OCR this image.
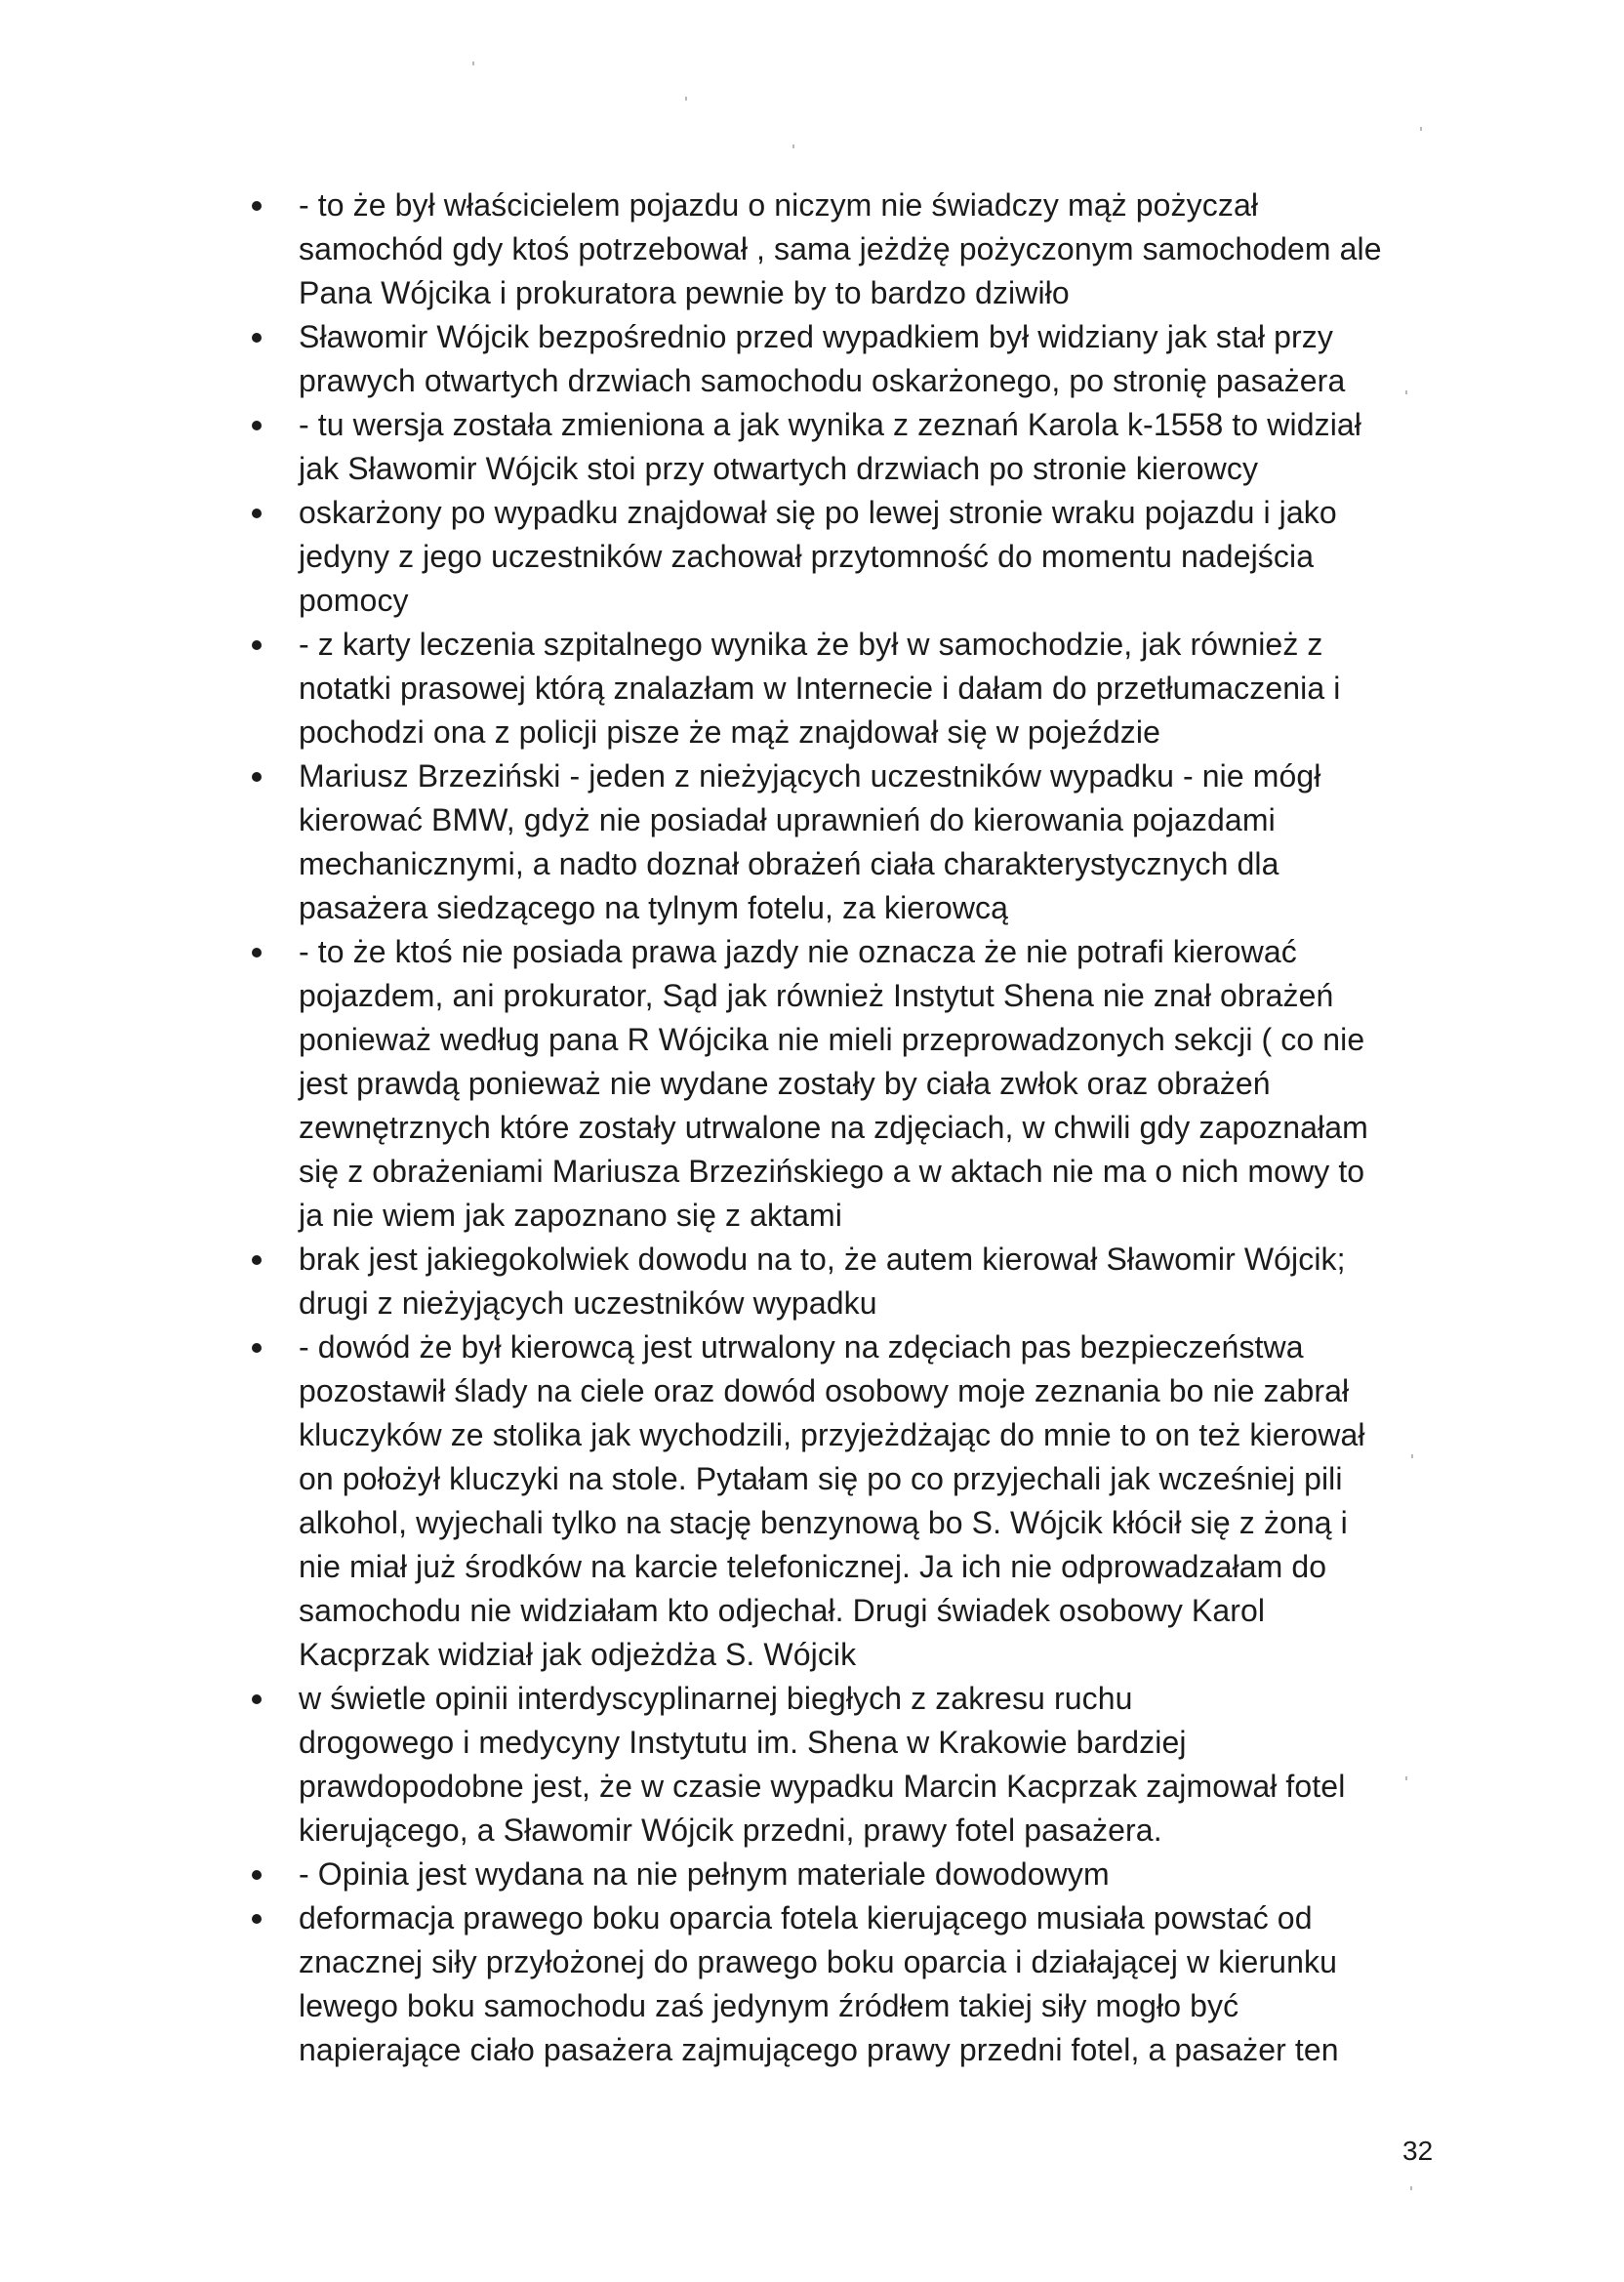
- to że był właścicielem pojazdu o niczym nie świadczy mąż pożyczał
samochód gdy ktoś potrzebował , sama jeżdżę pożyczonym samochodem ale
Pana Wójcika i prokuratora pewnie by to bardzo dziwiło
Sławomir Wójcik bezpośrednio przed wypadkiem był widziany jak stał przy
prawych otwartych drzwiach samochodu oskarżonego, po stronię pasażera
- tu wersja została zmieniona a jak wynika z zeznań Karola k-1558 to widział
jak Sławomir Wójcik stoi przy otwartych drzwiach po stronie kierowcy
oskarżony po wypadku znajdował się po lewej stronie wraku pojazdu i jako
jedyny z jego uczestników zachował przytomność do momentu nadejścia
pomocy
- z karty leczenia szpitalnego wynika że był w samochodzie, jak również z
notatki prasowej którą znalazłam w Internecie i dałam do przetłumaczenia i
pochodzi ona z policji pisze że mąż znajdował się w pojeździe
Mariusz Brzeziński - jeden z nieżyjących uczestników wypadku - nie mógł
kierować BMW, gdyż nie posiadał uprawnień do kierowania pojazdami
mechanicznymi, a nadto doznał obrażeń ciała charakterystycznych dla
pasażera siedzącego na tylnym fotelu, za kierowcą
- to że ktoś nie posiada prawa jazdy nie oznacza że nie potrafi kierować
pojazdem, ani prokurator, Sąd jak również Instytut Shena nie znał obrażeń
ponieważ według pana R Wójcika nie mieli przeprowadzonych sekcji ( co nie
jest prawdą ponieważ nie wydane zostały by ciała zwłok oraz obrażeń
zewnętrznych które zostały utrwalone na zdjęciach, w chwili gdy zapoznałam
się z obrażeniami Mariusza Brzezińskiego a w aktach nie ma o nich mowy to
ja nie wiem jak zapoznano się z aktami
brak jest jakiegokolwiek dowodu na to, że autem kierował Sławomir Wójcik;
drugi z nieżyjących uczestników wypadku
- dowód że był kierowcą jest utrwalony na zdęciach pas bezpieczeństwa
pozostawił ślady na ciele oraz dowód osobowy moje zeznania bo nie zabrał
kluczyków ze stolika jak wychodzili, przyjeżdżając do mnie to on też kierował
on położył kluczyki na stole. Pytałam się po co przyjechali jak wcześniej pili
alkohol, wyjechali tylko na stację benzynową bo S. Wójcik kłócił się z żoną i
nie miał już środków na karcie telefonicznej. Ja ich nie odprowadzałam do
samochodu nie widziałam kto odjechał. Drugi świadek osobowy Karol
Kacprzak widział jak odjeżdża S. Wójcik
w świetle opinii interdyscyplinarnej biegłych z zakresu ruchu
drogowego i medycyny Instytutu im. Shena w Krakowie bardziej
prawdopodobne jest, że w czasie wypadku Marcin Kacprzak zajmował fotel
kierującego, a Sławomir Wójcik przedni, prawy fotel pasażera.
- Opinia jest wydana na nie pełnym materiale dowodowym
deformacja prawego boku oparcia fotela kierującego musiała powstać od
znacznej siły przyłożonej do prawego boku oparcia i działającej w kierunku
lewego boku samochodu zaś jedynym źródłem takiej siły mogło być
napierające ciało pasażera zajmującego prawy przedni fotel, a pasażer ten
32
